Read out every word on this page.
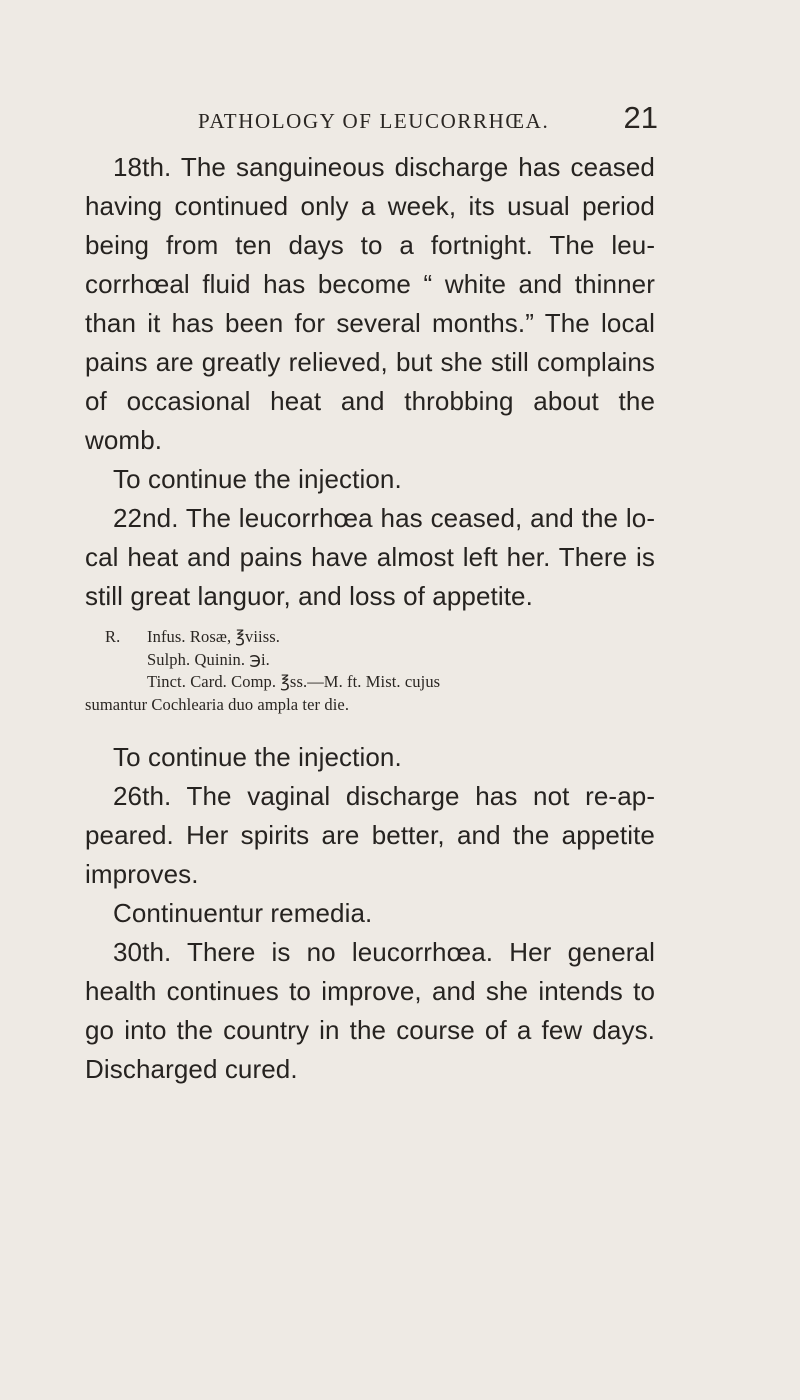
PATHOLOGY OF LEUCORRHŒA. 21

18th. The sanguineous discharge has ceased having continued only a week, its usual period being from ten days to a fortnight. The leucorrhœal fluid has become “ white and thinner than it has been for several months.” The local pains are greatly relieved, but she still complains of occasional heat and throbbing about the womb.

To continue the injection.

22nd. The leucorrhœa has ceased, and the local heat and pains have almost left her. There is still great languor, and loss of appetite.

R. Infus. Rosæ, ℥viiss.

Sulph. Quinin. ℈i.

Tinct. Card. Comp. ℥ss.—M. ft. Mist. cujus

sumantur Cochlearia duo ampla ter die.

To continue the injection.

26th. The vaginal discharge has not re-appeared. Her spirits are better, and the appetite improves.

Continuentur remedia.

30th. There is no leucorrhœa. Her general health continues to improve, and she intends to go into the country in the course of a few days. Discharged cured.
